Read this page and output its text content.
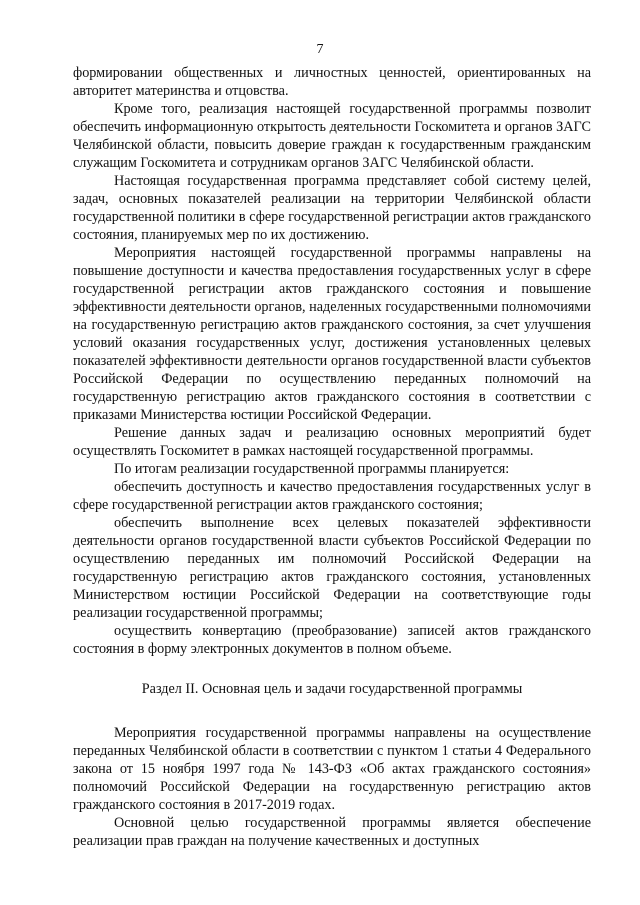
7

формировании общественных и личностных ценностей, ориентированных на авторитет материнства и отцовства.

Кроме того, реализация настоящей государственной программы позволит обеспечить информационную открытость деятельности Госкомитета и органов ЗАГС Челябинской области, повысить доверие граждан к государственным гражданским служащим Госкомитета и сотрудникам органов ЗАГС Челябинской области.

Настоящая государственная программа представляет собой систему целей, задач, основных показателей реализации на территории Челябинской области государственной политики в сфере государственной регистрации актов гражданского состояния, планируемых мер по их достижению.

Мероприятия настоящей государственной программы направлены на повышение доступности и качества предоставления государственных услуг в сфере государственной регистрации актов гражданского состояния и повышение эффективности деятельности органов, наделенных государственными полномочиями на государственную регистрацию актов гражданского состояния, за счет улучшения условий оказания государственных услуг, достижения установленных целевых показателей эффективности деятельности органов государственной власти субъектов Российской Федерации по осуществлению переданных полномочий на государственную регистрацию актов гражданского состояния в соответствии с приказами Министерства юстиции Российской Федерации.

Решение данных задач и реализацию основных мероприятий будет осуществлять Госкомитет в рамках настоящей государственной программы.

По итогам реализации государственной программы планируется:

обеспечить доступность и качество предоставления государственных услуг в сфере государственной регистрации актов гражданского состояния;

обеспечить выполнение всех целевых показателей эффективности деятельности органов государственной власти субъектов Российской Федерации по осуществлению переданных им полномочий Российской Федерации на государственную регистрацию актов гражданского состояния, установленных Министерством юстиции Российской Федерации на соответствующие годы реализации государственной программы;

осуществить конвертацию (преобразование) записей актов гражданского состояния в форму электронных документов в полном объеме.

Раздел II. Основная цель и задачи государственной программы

Мероприятия государственной программы направлены на осуществление переданных Челябинской области в соответствии с пунктом 1 статьи 4 Федерального закона от 15 ноября 1997 года № 143-ФЗ «Об актах гражданского состояния» полномочий Российской Федерации на государственную регистрацию актов гражданского состояния в 2017-2019 годах.

Основной целью государственной программы является обеспечение реализации прав граждан на получение качественных и доступных
